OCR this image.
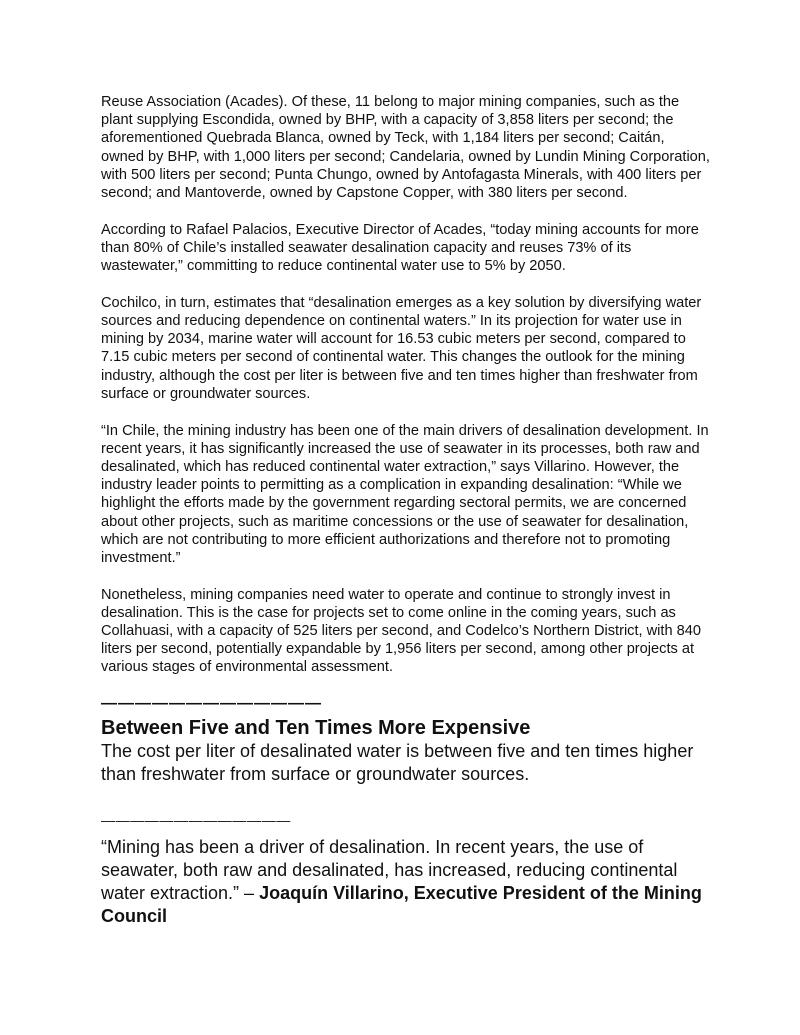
Reuse Association (Acades). Of these, 11 belong to major mining companies, such as the plant supplying Escondida, owned by BHP, with a capacity of 3,858 liters per second; the aforementioned Quebrada Blanca, owned by Teck, with 1,184 liters per second; Caitán, owned by BHP, with 1,000 liters per second; Candelaria, owned by Lundin Mining Corporation, with 500 liters per second; Punta Chungo, owned by Antofagasta Minerals, with 400 liters per second; and Mantoverde, owned by Capstone Copper, with 380 liters per second.

According to Rafael Palacios, Executive Director of Acades, “today mining accounts for more than 80% of Chile’s installed seawater desalination capacity and reuses 73% of its wastewater,” committing to reduce continental water use to 5% by 2050.

Cochilco, in turn, estimates that “desalination emerges as a key solution by diversifying water sources and reducing dependence on continental waters.” In its projection for water use in mining by 2034, marine water will account for 16.53 cubic meters per second, compared to 7.15 cubic meters per second of continental water. This changes the outlook for the mining industry, although the cost per liter is between five and ten times higher than freshwater from surface or groundwater sources.

“In Chile, the mining industry has been one of the main drivers of desalination development. In recent years, it has significantly increased the use of seawater in its processes, both raw and desalinated, which has reduced continental water extraction,” says Villarino. However, the industry leader points to permitting as a complication in expanding desalination: “While we highlight the efforts made by the government regarding sectoral permits, we are concerned about other projects, such as maritime concessions or the use of seawater for desalination, which are not contributing to more efficient authorizations and therefore not to promoting investment.”

Nonetheless, mining companies need water to operate and continue to strongly invest in desalination. This is the case for projects set to come online in the coming years, such as Collahuasi, with a capacity of 525 liters per second, and Codelco’s Northern District, with 840 liters per second, potentially expandable by 1,956 liters per second, among other projects at various stages of environmental assessment.

—————————————
Between Five and Ten Times More Expensive

The cost per liter of desalinated water is between five and ten times higher than freshwater from surface or groundwater sources.

—————————————

“Mining has been a driver of desalination. In recent years, the use of seawater, both raw and desalinated, has increased, reducing continental water extraction.” – Joaquín Villarino, Executive President of the Mining Council
